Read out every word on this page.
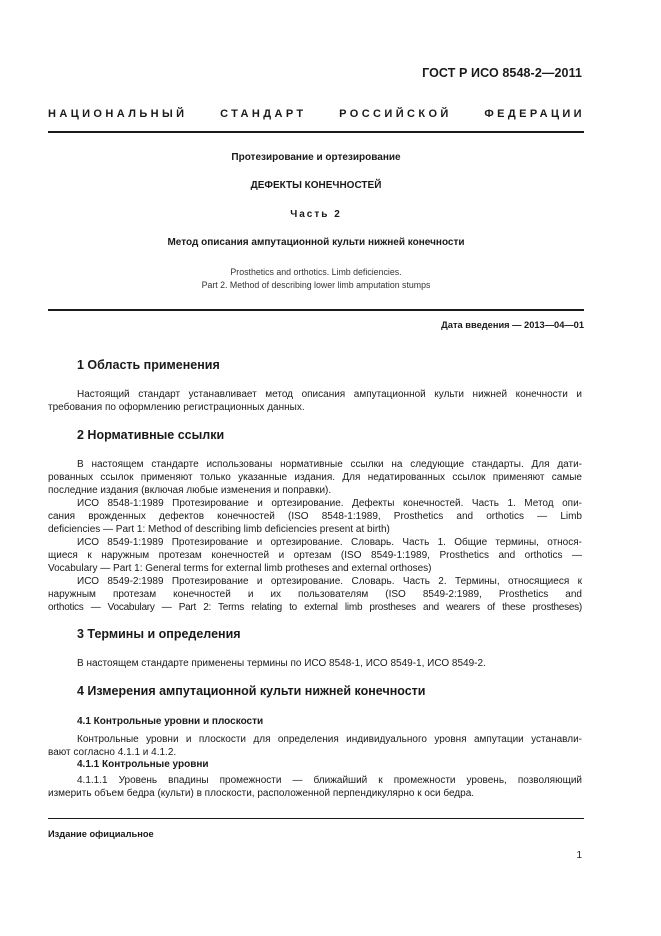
ГОСТ Р ИСО 8548-2—2011
НАЦИОНАЛЬНЫЙ СТАНДАРТ РОССИЙСКОЙ ФЕДЕРАЦИИ
Протезирование и ортезирование
ДЕФЕКТЫ КОНЕЧНОСТЕЙ
Часть 2
Метод описания ампутационной культи нижней конечности
Prosthetics and orthotics. Limb deficiencies.
Part 2. Method of describing lower limb amputation stumps
Дата введения — 2013—04—01
1 Область применения
Настоящий стандарт устанавливает метод описания ампутационной культи нижней конечности и
требования по оформлению регистрационных данных.
2 Нормативные ссылки
В настоящем стандарте использованы нормативные ссылки на следующие стандарты. Для дати-
рованных ссылок применяют только указанные издания. Для недатированных ссылок применяют самые
последние издания (включая любые изменения и поправки).
ИСО 8548-1:1989 Протезирование и ортезирование. Дефекты конечностей. Часть 1. Метод опи-
сания врожденных дефектов конечностей (ISO 8548-1:1989, Prosthetics and orthotics — Limb
deficiencies — Part 1: Method of describing limb deficiencies present at birth)
ИСО 8549-1:1989 Протезирование и ортезирование. Словарь. Часть 1. Общие термины, относя-
щиеся к наружным протезам конечностей и ортезам (ISO 8549-1:1989, Prosthetics and orthotics —
Vocabulary — Part 1: General terms for external limb protheses and external orthoses)
ИСО 8549-2:1989 Протезирование и ортезирование. Словарь. Часть 2. Термины, относящиеся к
наружным протезам конечностей и их пользователям (ISO 8549-2:1989, Prosthetics and
orthotics — Vocabulary — Part 2: Terms relating to external limb prostheses and wearers of these prostheses)
3 Термины и определения
В настоящем стандарте применены термины по ИСО 8548-1, ИСО 8549-1, ИСО 8549-2.
4 Измерения ампутационной культи нижней конечности
4.1 Контрольные уровни и плоскости
Контрольные уровни и плоскости для определения индивидуального уровня ампутации устанавли-
вают согласно 4.1.1 и 4.1.2.
4.1.1 Контрольные уровни
4.1.1.1 Уровень впадины промежности — ближайший к промежности уровень, позволяющий
измерить объем бедра (культи) в плоскости, расположенной перпендикулярно к оси бедра.
Издание официальное
1
